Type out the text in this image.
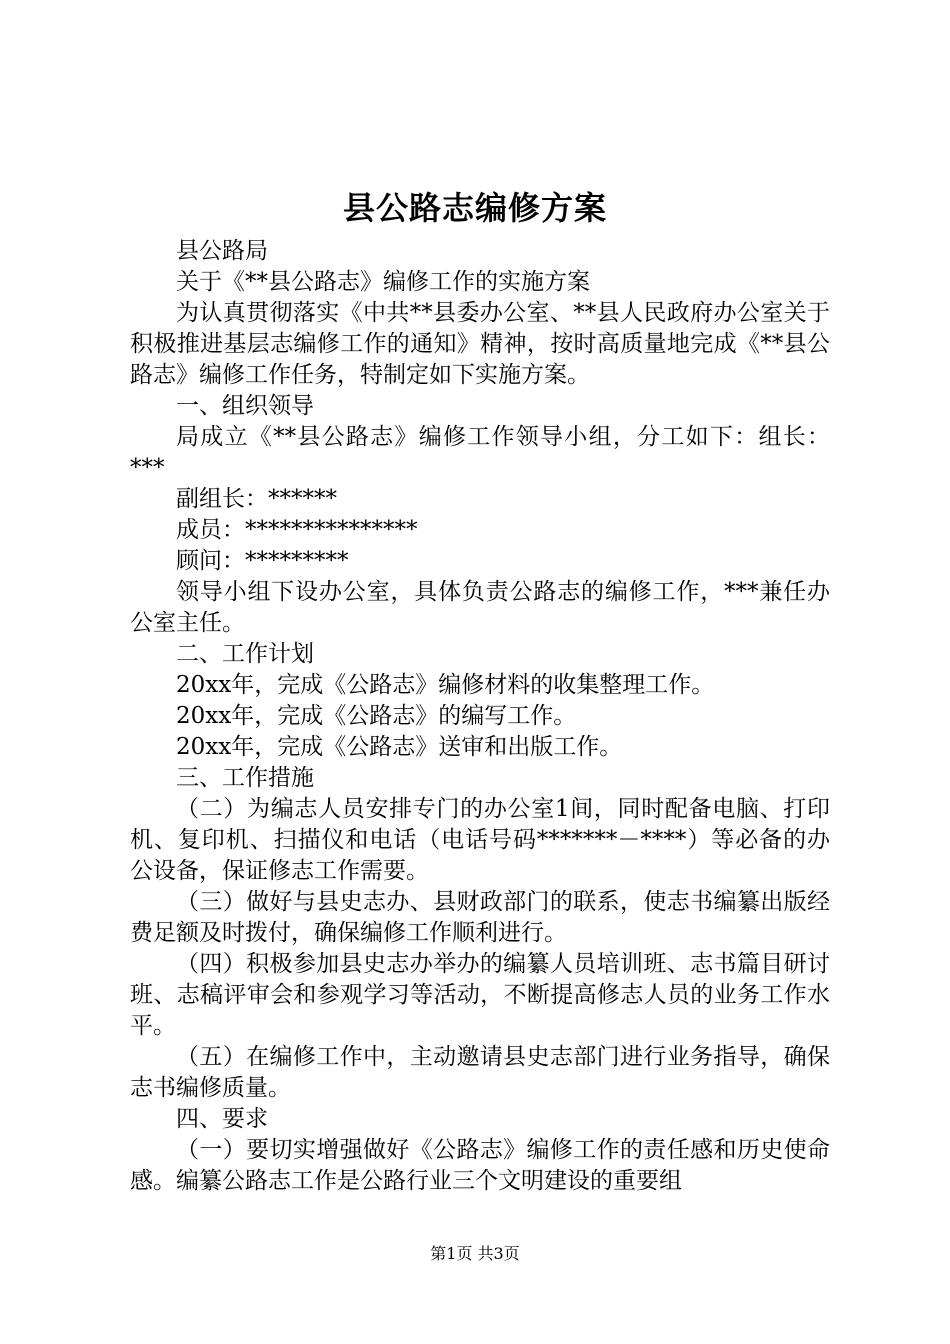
县公路志编修方案

县公路局

关于《**县公路志》编修工作的实施方案

为认真贯彻落实《中共**县委办公室、**县人民政府办公室关于积极推进基层志编修工作的通知》精神，按时高质量地完成《**县公路志》编修工作任务，特制定如下实施方案。

一、组织领导

局成立《**县公路志》编修工作领导小组，分工如下：组长：***

副组长：******

成员：***************

顾问：*********

领导小组下设办公室，具体负责公路志的编修工作，***兼任办公室主任。

二、工作计划

20xx年，完成《公路志》编修材料的收集整理工作。

20xx年，完成《公路志》的编写工作。

20xx年，完成《公路志》送审和出版工作。

三、工作措施

（二）为编志人员安排专门的办公室1间，同时配备电脑、打印机、复印机、扫描仪和电话（电话号码*******－****）等必备的办公设备，保证修志工作需要。

（三）做好与县史志办、县财政部门的联系，使志书编纂出版经费足额及时拨付，确保编修工作顺利进行。

（四）积极参加县史志办举办的编纂人员培训班、志书篇目研讨班、志稿评审会和参观学习等活动，不断提高修志人员的业务工作水平。

（五）在编修工作中，主动邀请县史志部门进行业务指导，确保志书编修质量。

四、要求

（一）要切实增强做好《公路志》编修工作的责任感和历史使命感。编纂公路志工作是公路行业三个文明建设的重要组

第1页 共3页
